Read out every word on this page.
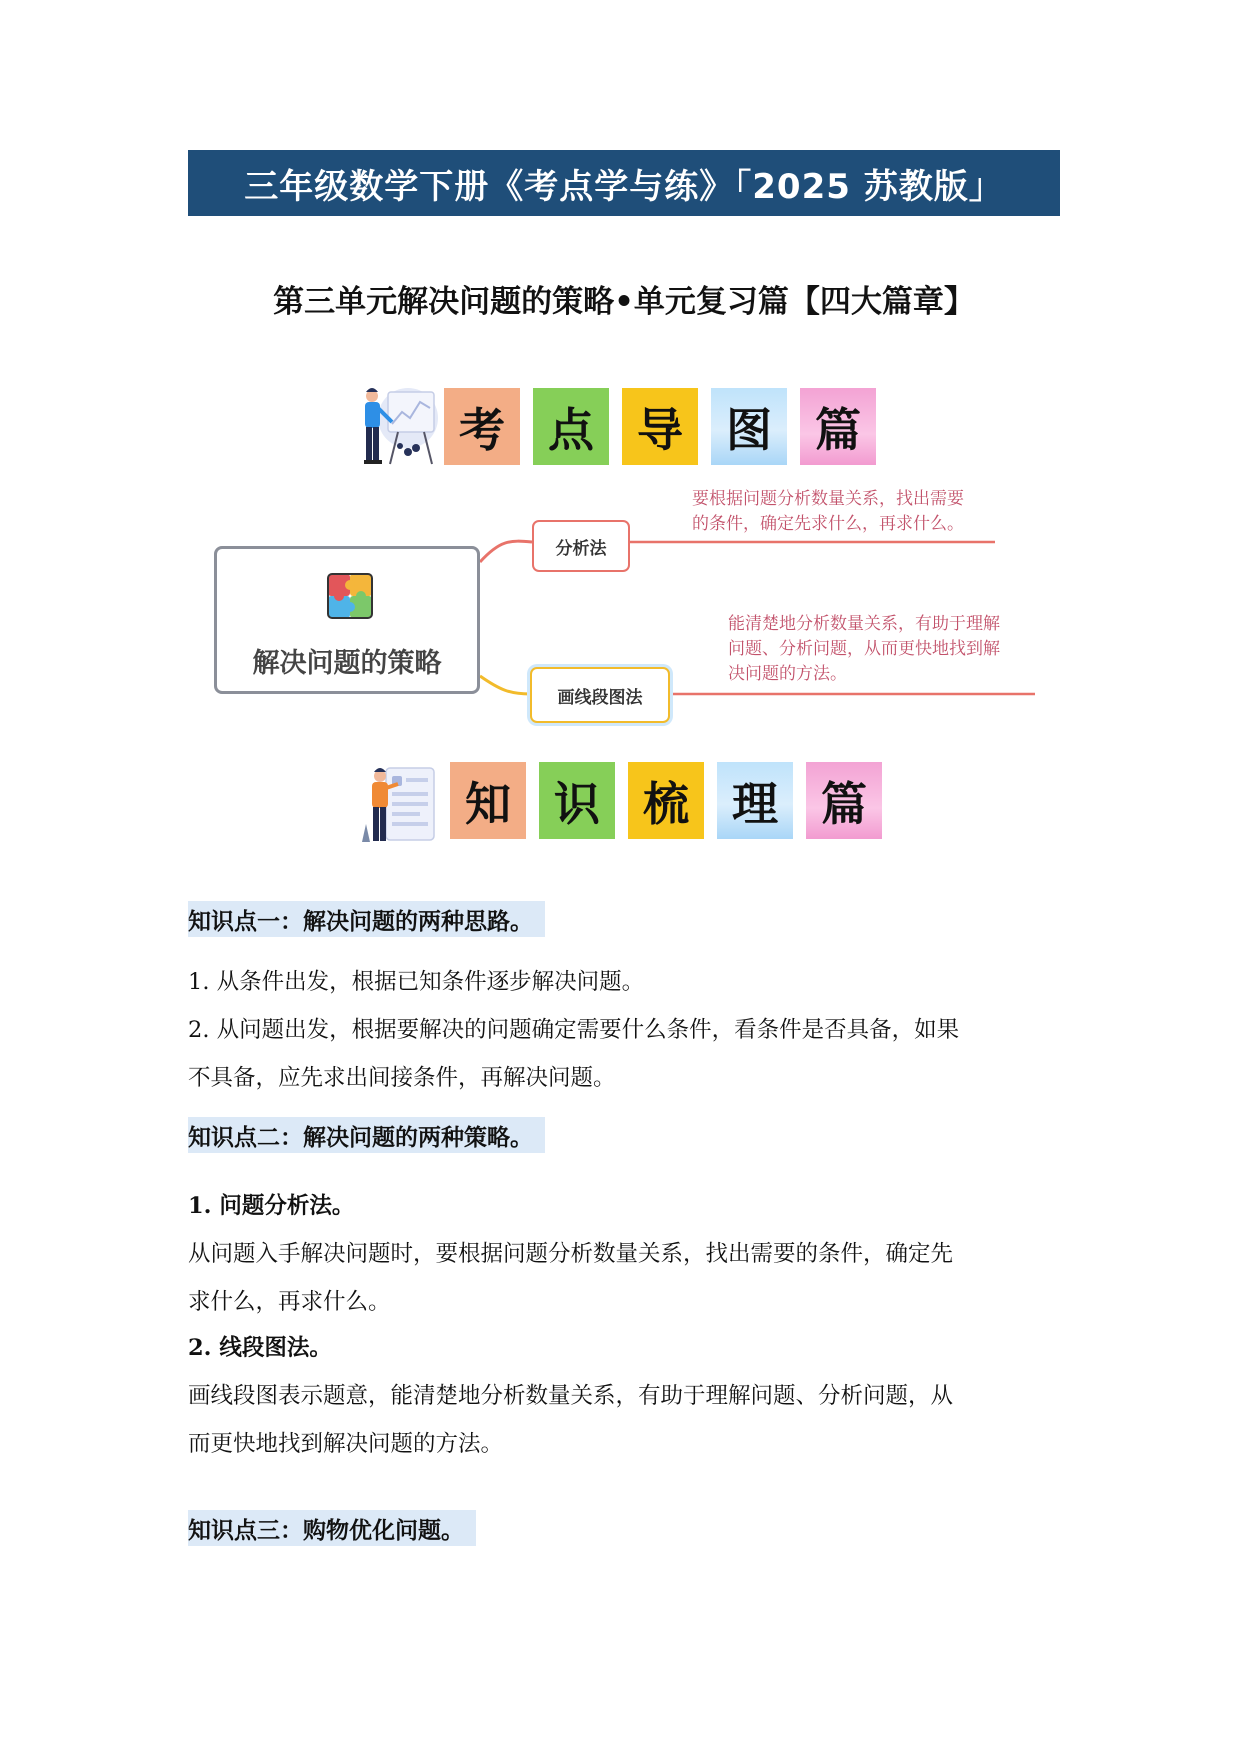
三年级数学下册《考点学与练》「2025 苏教版」
第三单元解决问题的策略•单元复习篇【四大篇章】
考 点 导 图 篇
解决问题的策略
分析法
画线段图法
要根据问题分析数量关系，找出需要
的条件，确定先求什么，再求什么。
能清楚地分析数量关系，有助于理解
问题、分析问题，从而更快地找到解
决问题的方法。
知 识 梳 理 篇
知识点一：解决问题的两种思路。
1. 从条件出发，根据已知条件逐步解决问题。
2. 从问题出发，根据要解决的问题确定需要什么条件，看条件是否具备，如果
不具备，应先求出间接条件，再解决问题。
知识点二：解决问题的两种策略。
1. 问题分析法。
从问题入手解决问题时，要根据问题分析数量关系，找出需要的条件，确定先
求什么，再求什么。
2. 线段图法。
画线段图表示题意，能清楚地分析数量关系，有助于理解问题、分析问题，从
而更快地找到解决问题的方法。
知识点三：购物优化问题。
